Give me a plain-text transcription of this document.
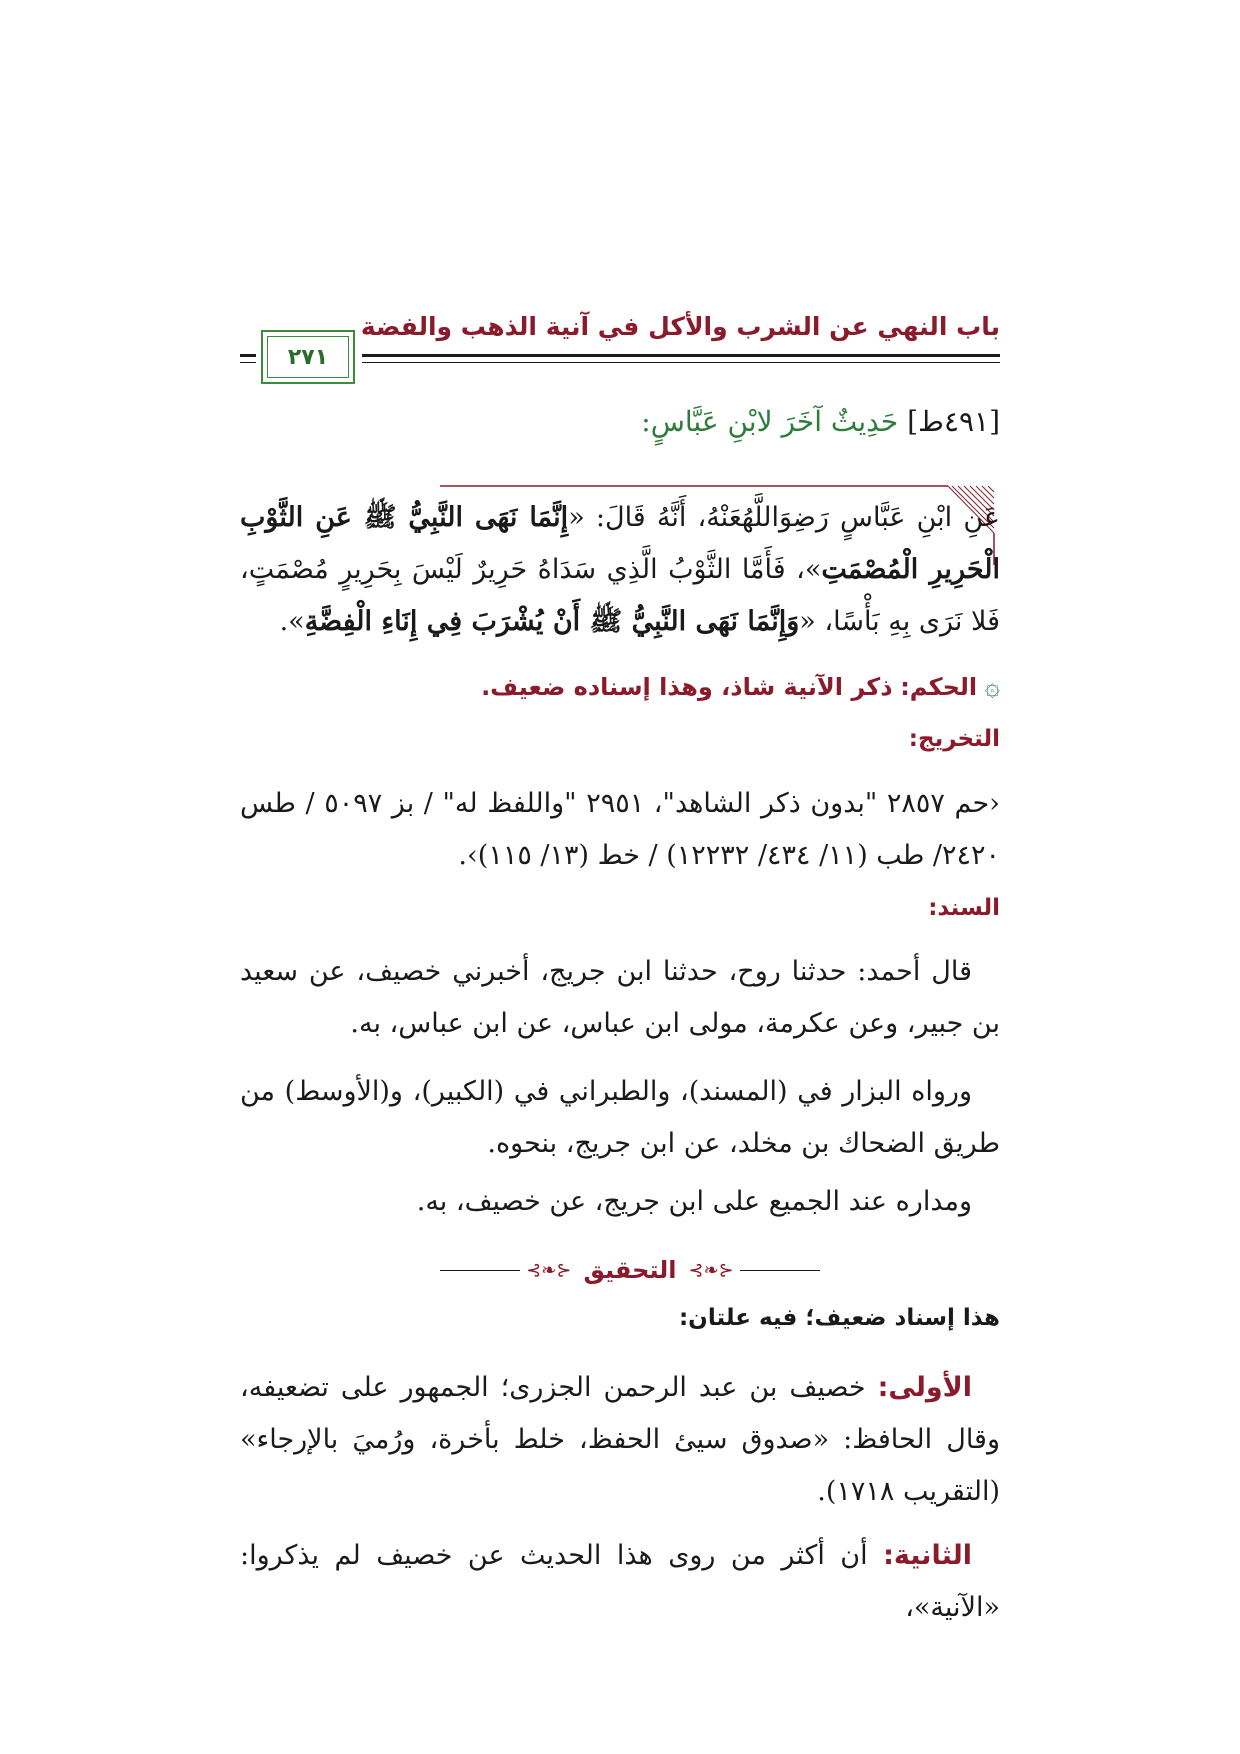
باب النهي عن الشرب والأكل في آنية الذهب والفضة
٢٧١
[٤٩١ط] حَدِيثٌ آخَرَ لابْنِ عَبَّاسٍ:
عَنِ ابْنِ عَبَّاسٍ رَضِوَاللَّهُعَنْهُ، أَنَّهُ قَالَ: «إِنَّمَا نَهَى النَّبِيُّ ﷺ عَنِ الثَّوْبِ الْحَرِيرِ الْمُصْمَتِ»، فَأَمَّا الثَّوْبُ الَّذِي سَدَاهُ حَرِيرٌ لَيْسَ بِحَرِيرٍ مُصْمَتٍ، فَلا نَرَى بِهِ بَأْسًا، «وَإِنَّمَا نَهَى النَّبِيُّ ﷺ أَنْ يُشْرَبَ فِي إِنَاءِ الْفِضَّةِ».
۞ الحكم: ذكر الآنية شاذ، وهذا إسناده ضعيف.
التخريج:
‹حم ٢٨٥٧ "بدون ذكر الشاهد"، ٢٩٥١ "واللفظ له" / بز ٥٠٩٧ / طس ٢٤٢٠/ طب (١١/ ٤٣٤/ ١٢٢٣٢) / خط (١٣/ ١١٥)›.
السند:
قال أحمد: حدثنا روح، حدثنا ابن جريج، أخبرني خصيف، عن سعيد بن جبير، وعن عكرمة، مولى ابن عباس، عن ابن عباس، به.
ورواه البزار في (المسند)، والطبراني في (الكبير)، و(الأوسط) من طريق الضحاك بن مخلد، عن ابن جريج، بنحوه.
ومداره عند الجميع على ابن جريج، عن خصيف، به.
⊰❧⊱
التحقيق
⊰❧⊱
هذا إسناد ضعيف؛ فيه علتان:
الأولى: خصيف بن عبد الرحمن الجزرى؛ الجمهور على تضعيفه، وقال الحافظ: «صدوق سيئ الحفظ، خلط بأخرة، ورُميَ بالإرجاء» (التقريب ١٧١٨).
الثانية: أن أكثر من روى هذا الحديث عن خصيف لم يذكروا: «الآنية»،
